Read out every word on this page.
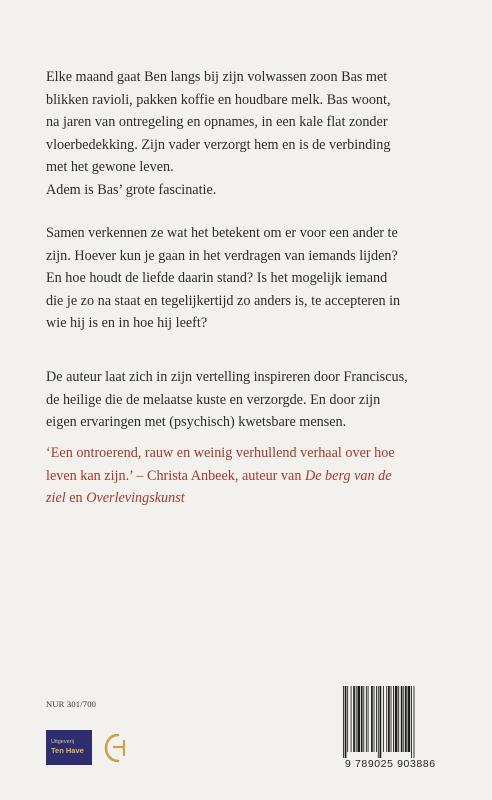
Elke maand gaat Ben langs bij zijn volwassen zoon Bas met

blikken ravioli, pakken koffie en houdbare melk. Bas woont,

na jaren van ontregeling en opnames, in een kale flat zonder

vloerbedekking. Zijn vader verzorgt hem en is de verbinding

met het gewone leven.

Adem is Bas’ grote fascinatie.

Samen verkennen ze wat het betekent om er voor een ander te

zijn. Hoever kun je gaan in het verdragen van iemands lijden?

En hoe houdt de liefde daarin stand? Is het mogelijk iemand

die je zo na staat en tegelijkertijd zo anders is, te accepteren in

wie hij is en in hoe hij leeft?

De auteur laat zich in zijn vertelling inspireren door Franciscus,

de heilige die de melaatse kuste en verzorgde. En door zijn

eigen ervaringen met (psychisch) kwetsbare mensen.

‘Een ontroerend, rauw en weinig verhullend verhaal over hoe

leven kan zijn.’ – Christa Anbeek, auteur van De berg van de

ziel en Overlevingskunst

NUR 301/700
Uitgeverij
Ten Have
9 789025 903886
